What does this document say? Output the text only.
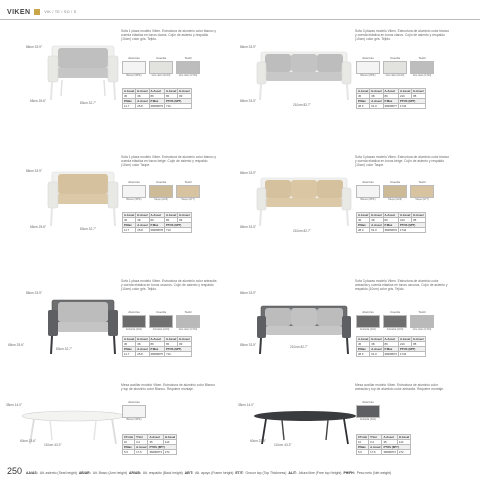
VIKEN	VIK / TE / SO / S
Sofa 1 plaza modelo Viken. Estructura de aluminio color blanco y cuerda elástica en tonos claros. Cojín de asiento y respaldo (10cm) color gris. Tejido.
Aluminio
Blanco (WH1)
Cuerda
Gris claro (GC10)
Textil
Gris claro (GT13)
A.Assel	H.Assel	A.Assel	A.Assel	H.Assel
45	38	86	65	83
P.Max	A.Assel	P.Max	PTOS ($PT)	
11.7	25.8	38280879	710	
86cm 33.9"
65cm 25.6"	83cm 32.7"
Sofa 3 plazas modelo Viken. Estructura de aluminio color blanco y cuerda elástica en tonos claros. Cojín de asiento y respaldo (10cm) color gris. Tejido.
Aluminio
Blanco (WH1)
Cuerda
Gris claro (GC10)
Textil
Gris claro (GT13)
A.Assel	H.Assel	A.Assel	A.Assel	H.Assel
45	38	86	210	85
P.Max	A.Assel	P.Max	PTOS ($PT)	
28.0	61.0	38280877	1744	
86cm 33.9"
85cm 33.5"
210cm 82.7"
Sofa 1 plaza modelo Viken. Estructura de aluminio color blanco y cuerda elástica en tonos beige. Cojín de asiento y respaldo (10cm) color Taupe.
Aluminio
Blanco (WH1)
Cuerda
Taupe (GC6)
Textil
Taupe (GT7)
A.Assel	H.Assel	A.Assel	A.Assel	H.Assel
45	38	86	65	83
P.Max	A.Assel	P.Max	PTOS ($PT)	
11.7	25.8	38280878	710	
86cm 33.9"
65cm 25.6"	83cm 32.7"
Sofa 3 plazas modelo Viken. Estructura de aluminio color blanco y cuerda elástica en tonos beige. Cojín de asiento y respaldo (10cm) color Taupe.
Aluminio
Blanco (WH1)
Cuerda
Taupe (GC6)
Textil
Taupe (GT7)
A.Assel	H.Assel	A.Assel	A.Assel	H.Assel
45	38	86	210	85
P.Max	A.Assel	P.Max	PTOS ($PT)	
28.0	61.0	38280876	1744	
86cm 33.9"
85cm 33.5"
210cm 82.7"
Sofa 1 plaza modelo Viken. Estructura de aluminio color antracita y cuerda elástica en tonos oscuros. Cojín de asiento y respaldo (10cm) color gris. Tejido.
Aluminio
Antracita (AC1)
Cuerda
Antracita (GC3)
Textil
Gris claro (GT13)
A.Assel	H.Assel	A.Assel	A.Assel	H.Assel
45	38	86	65	83
P.Max	A.Assel	P.Max	PTOS ($PT)	
11.7	25.8	38280875	710	
86cm 33.9"
65cm 25.6"
83cm 32.7"
Sofa 3 plazas modelo Viken. Estructura de aluminio color antracita y cuerda elástica en tonos oscuros. Cojín de asiento y respaldo (10cm) color gris. Tejido.
Aluminio
Antracita (AC1)
Cuerda
Antracita (GC3)
Textil
Gris claro (GT13)
A.Assel	H.Assel	A.Assel	A.Assel	H.Assel
45	38	86	210	85
P.Max	A.Assel	P.Max	PTOS ($PT)	
28.0	61.0	38280874	1744	
86cm 33.9"
85cm 33.5"	210cm 82.7"
Mesa auxiliar modelo Viken. Estructura de aluminio color Blanco y top de aluminio color Blanco. Requiere montaje.
Aluminio
Blanco (WH1)
CT.mm	T.Vol	A.Assel	H.Assel
10	0.2	35	110
P.Max	A.Assel	PTOS ($PT)	
5.0	17.6	38280873	272
35cm 14.0"
60cm 23.6"
110cm 43.3"
Mesa auxiliar modelo Viken. Estructura de aluminio color antracita y top de aluminio color antracita. Requiere montaje.
Aluminio
Antracita (AC1)
CT.mm	T.Vol	A.Assel	H.Assel
10	0.2	35	110
P.Max	A.Assel	PTOS ($PT)	
5.0	17.6	38280872	272
35cm 14.0"
60cm 23.6"
110cm 43.3"
250 AA/AS: Alt. asiento (Seat height) AB/AR: Alt. Brazo (Arm height) AR/AB: Alt. respaldo (Back height) AE/T: Alt. apoyo (Frame height) ET/T: Grosor top (Top Thickness) AL/T: Altura libre (Free top Height) PH/FH: Peso neto (Net weight)
